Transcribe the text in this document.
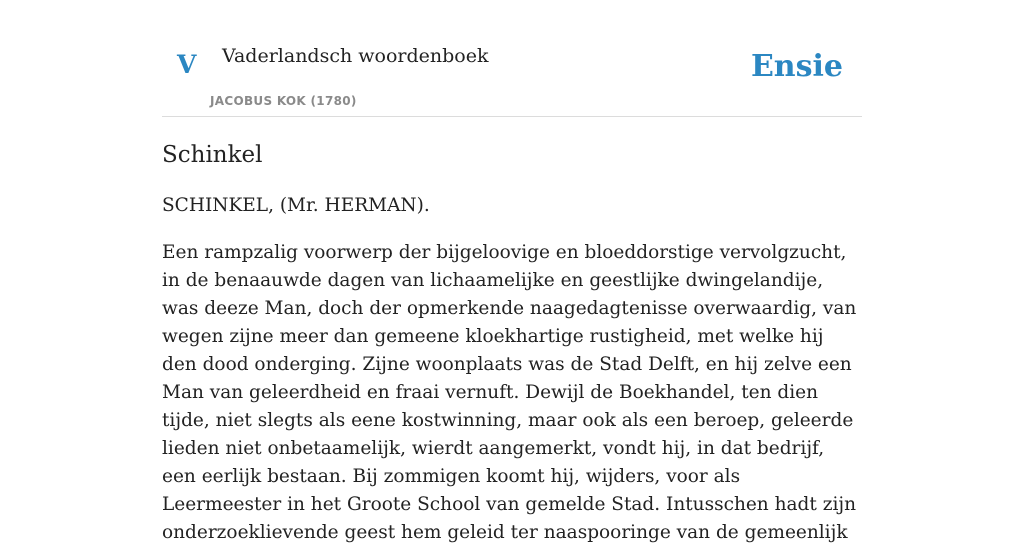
V Vaderlandsch woordenboek
JACOBUS KOK (1780)
Ensie
Schinkel

SCHINKEL, (Mr. HERMAN).

Een rampzalig voorwerp der bijgeloovige en bloeddorstige vervolgzucht, in de benaauwde dagen van lichaamelijke en geestlijke dwingelandije, was deeze Man, doch der opmerkende naagedagtenisse overwaardig, van wegen zijne meer dan gemeene kloekhartige rustigheid, met welke hij den dood onderging. Zijne woonplaats was de Stad Delft, en hij zelve een Man van geleerdheid en fraai vernuft. Dewijl de Boekhandel, ten dien tijde, niet slegts als eene kostwinning, maar ook als een beroep, geleerde lieden niet onbetaamelijk, wierdt aangemerkt, vondt hij, in dat bedrijf, een eerlijk bestaan. Bij zommigen koomt hij, wijders, voor als Leermeester in het Groote School van gemelde Stad. Intusschen hadt zijn onderzoeklievende geest hem geleid ter naaspooringe van de gemeenlijk
